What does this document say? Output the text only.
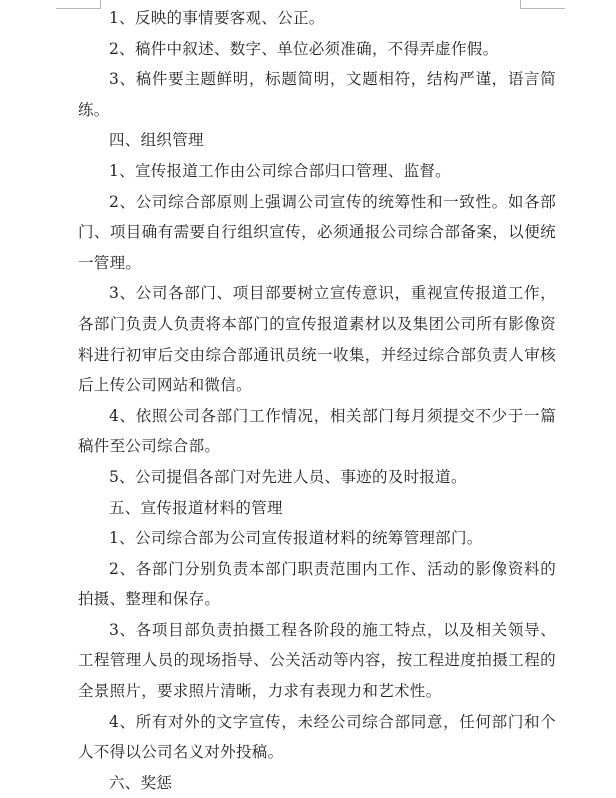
1、反映的事情要客观、公正。

2、稿件中叙述、数字、单位必须准确，不得弄虚作假。

3、稿件要主题鲜明，标题简明，文题相符，结构严谨，语言简练。

四、组织管理

1、宣传报道工作由公司综合部归口管理、监督。

2、公司综合部原则上强调公司宣传的统筹性和一致性。如各部门、项目确有需要自行组织宣传，必须通报公司综合部备案，以便统一管理。

3、公司各部门、项目部要树立宣传意识，重视宣传报道工作，各部门负责人负责将本部门的宣传报道素材以及集团公司所有影像资料进行初审后交由综合部通讯员统一收集，并经过综合部负责人审核后上传公司网站和微信。

4、依照公司各部门工作情况，相关部门每月须提交不少于一篇稿件至公司综合部。

5、公司提倡各部门对先进人员、事迹的及时报道。

五、宣传报道材料的管理

1、公司综合部为公司宣传报道材料的统筹管理部门。

2、各部门分别负责本部门职责范围内工作、活动的影像资料的拍摄、整理和保存。

3、各项目部负责拍摄工程各阶段的施工特点，以及相关领导、工程管理人员的现场指导、公关活动等内容，按工程进度拍摄工程的全景照片，要求照片清晰，力求有表现力和艺术性。

4、所有对外的文字宣传，未经公司综合部同意，任何部门和个人不得以公司名义对外投稿。

六、奖惩
